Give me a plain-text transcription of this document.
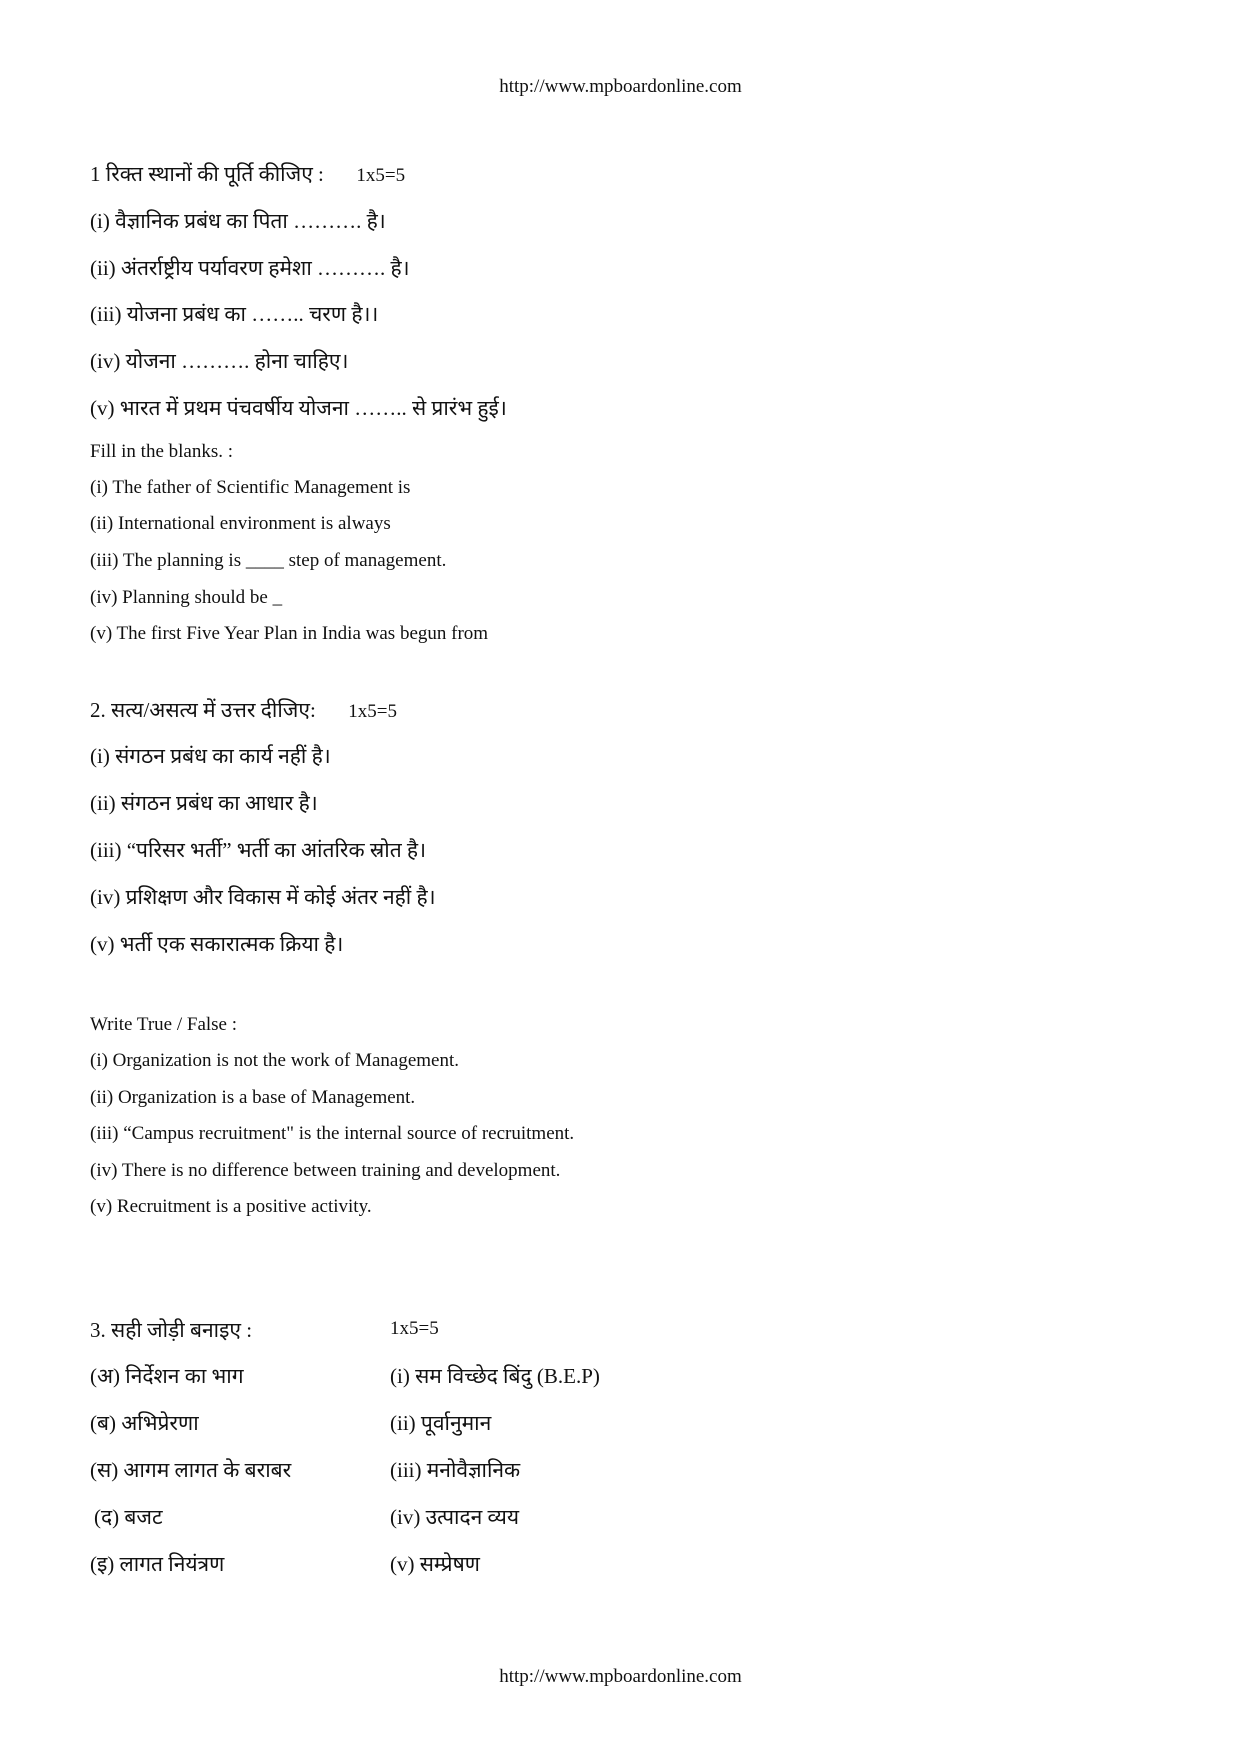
http://www.mpboardonline.com
1 रिक्त स्थानों की पूर्ति कीजिए : 1x5=5
(i) वैज्ञानिक प्रबंध का पिता ………. है।
(ii) अंतर्राष्ट्रीय पर्यावरण हमेशा ………. है।
(iii) योजना प्रबंध का …….. चरण है।।
(iv) योजना ………. होना चाहिए।
(v) भारत में प्रथम पंचवर्षीय योजना …….. से प्रारंभ हुई।
Fill in the blanks. :
(i) The father of Scientific Management is
(ii) International environment is always
(iii) The planning is ____ step of management.
(iv) Planning should be _
(v) The first Five Year Plan in India was begun from
2. सत्य/असत्य में उत्तर दीजिए: 1x5=5
(i) संगठन प्रबंध का कार्य नहीं है।
(ii) संगठन प्रबंध का आधार है।
(iii) “परिसर भर्ती” भर्ती का आंतरिक स्रोत है।
(iv) प्रशिक्षण और विकास में कोई अंतर नहीं है।
(v) भर्ती एक सकारात्मक क्रिया है।
Write True / False :
(i) Organization is not the work of Management.
(ii) Organization is a base of Management.
(iii) “Campus recruitment" is the internal source of recruitment.
(iv) There is no difference between training and development.
(v) Recruitment is a positive activity.
3. सही जोड़ी बनाइए :	1x5=5
(अ) निर्देशन का भाग	(i) सम विच्छेद बिंदु (B.E.P)
(ब) अभिप्रेरणा	(ii) पूर्वानुमान
(स) आगम लागत के बराबर	(iii) मनोवैज्ञानिक
(द) बजट	(iv) उत्पादन व्यय
(इ) लागत नियंत्रण	(v) सम्प्रेषण
http://www.mpboardonline.com
